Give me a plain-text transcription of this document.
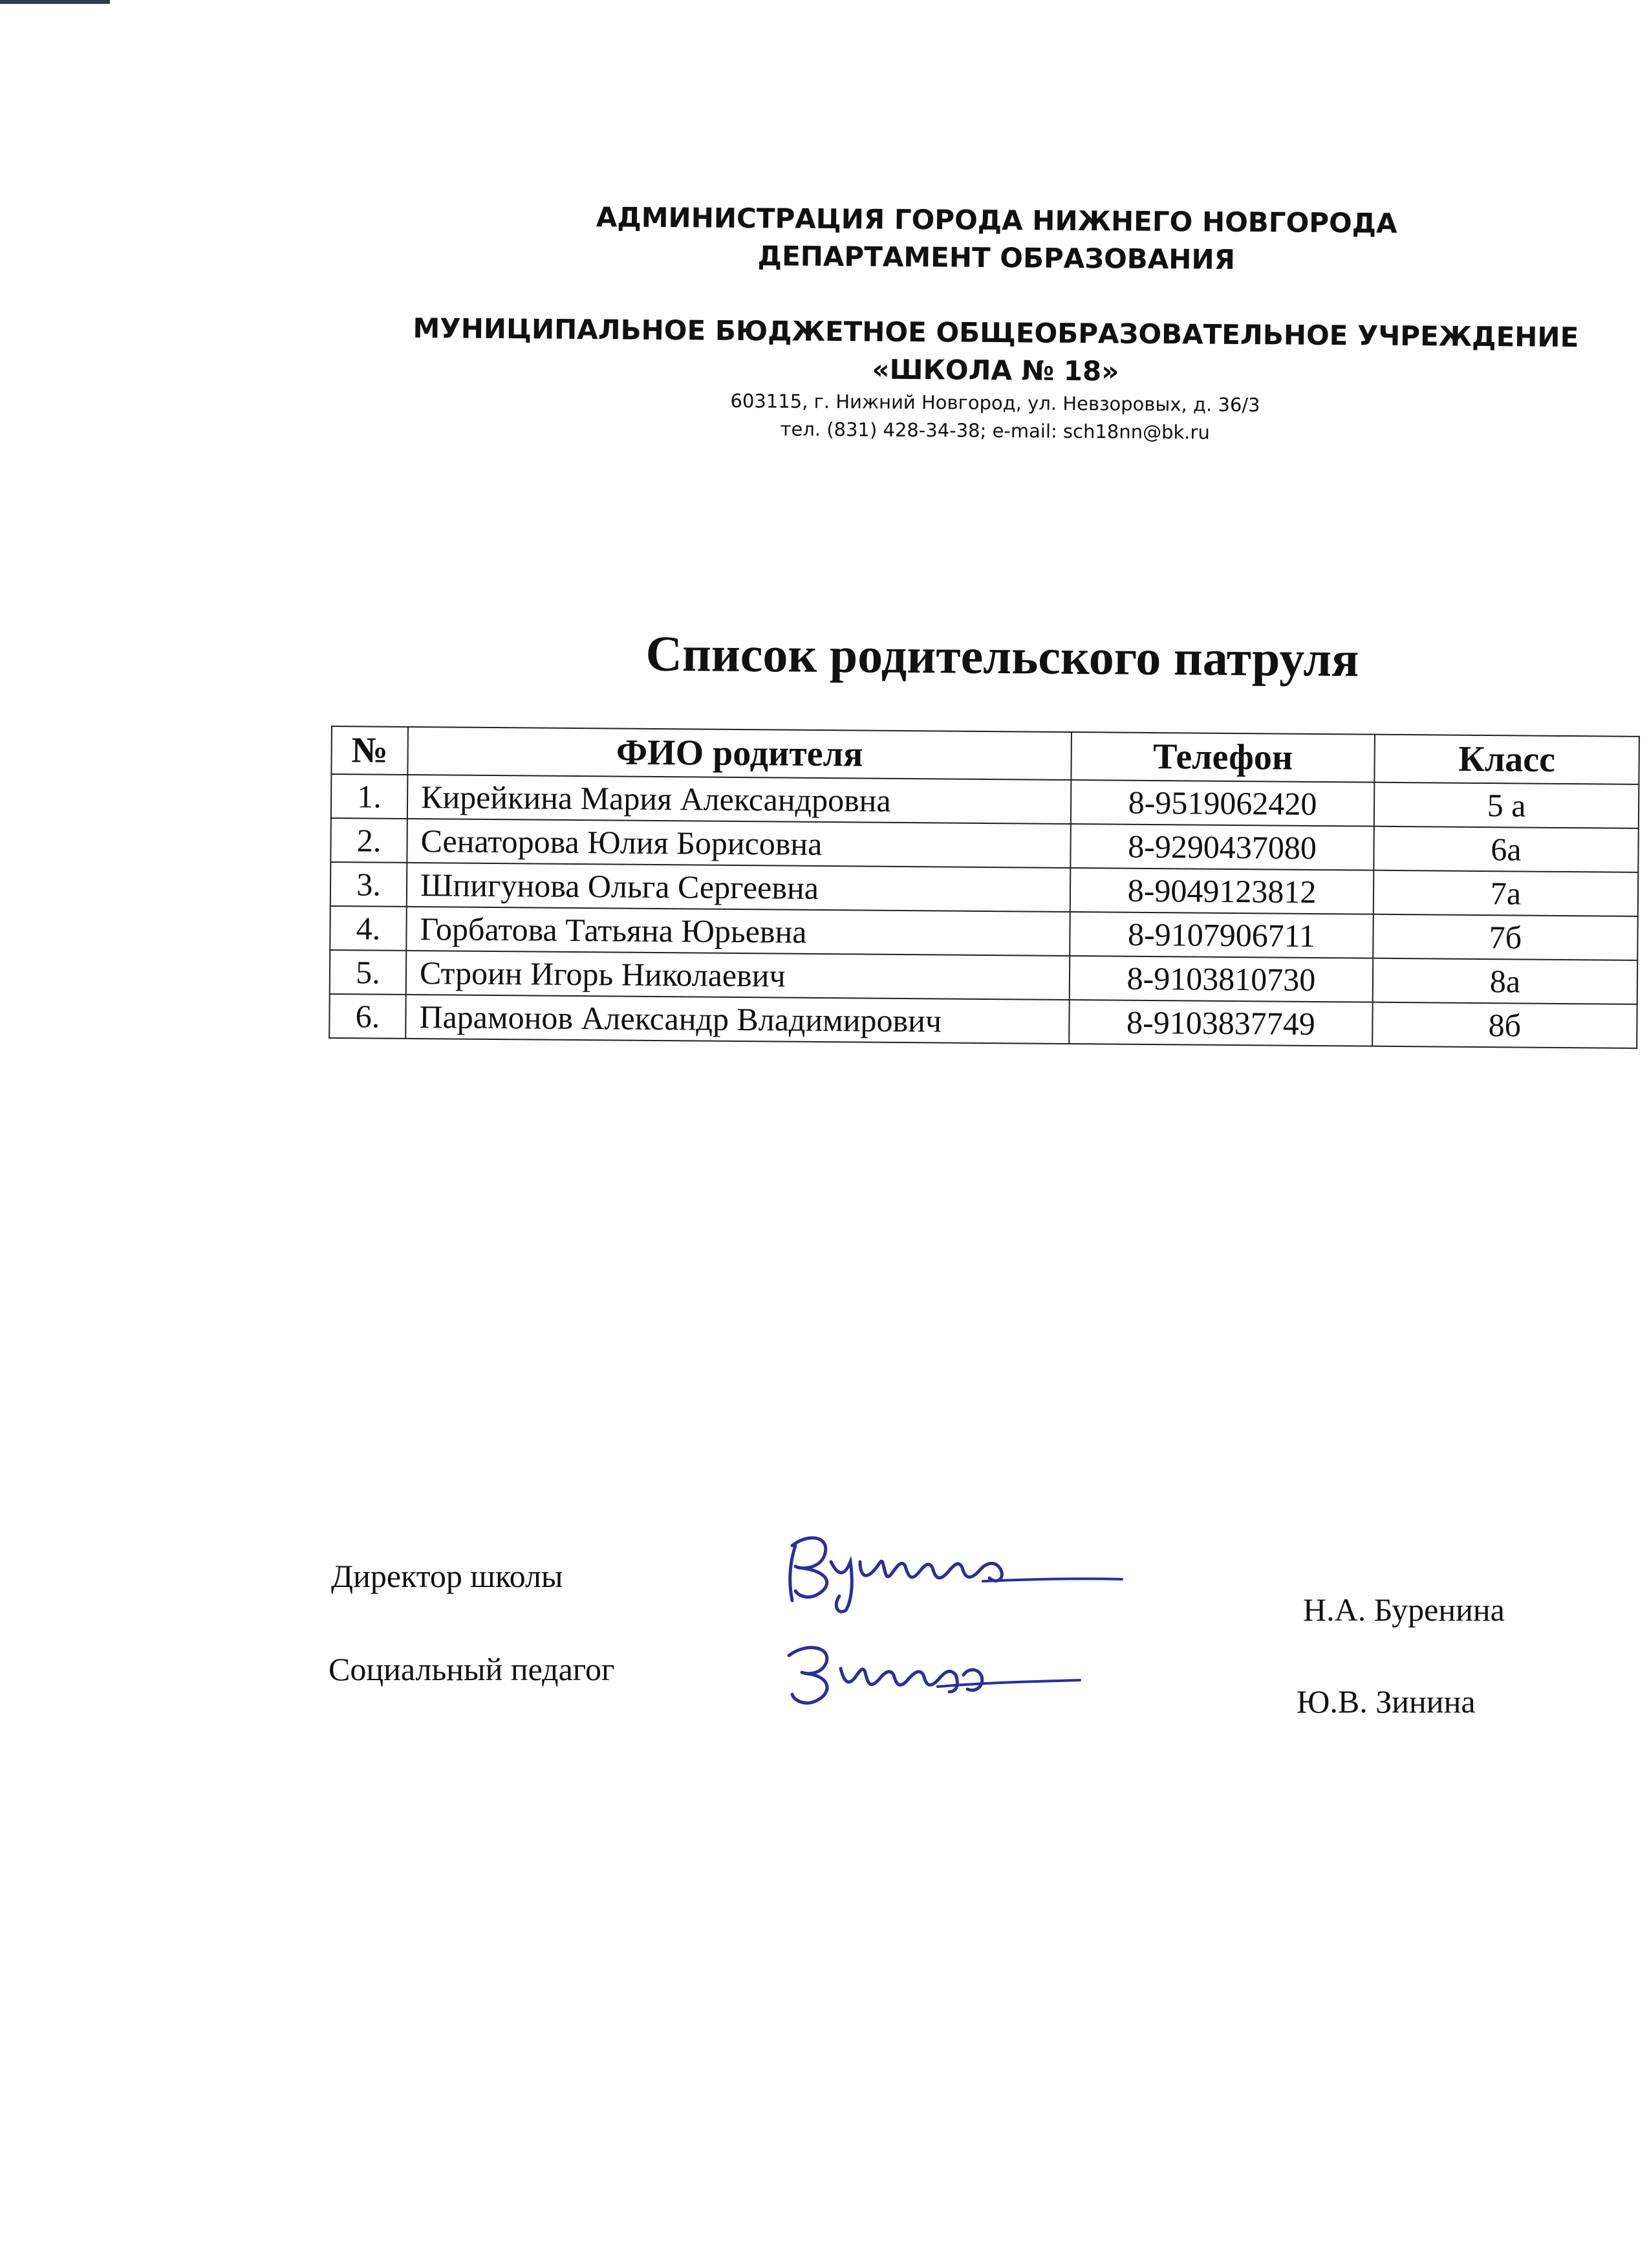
АДМИНИСТРАЦИЯ ГОРОДА НИЖНЕГО НОВГОРОДА

ДЕПАРТАМЕНТ ОБРАЗОВАНИЯ

МУНИЦИПАЛЬНОЕ БЮДЖЕТНОЕ ОБЩЕОБРАЗОВАТЕЛЬНОЕ УЧРЕЖДЕНИЕ

«ШКОЛА № 18»

603115, г. Нижний Новгород, ул. Невзоровых, д. 36/3

тел. (831) 428-34-38; e-mail: sch18nn@bk.ru

Список родительского патруля
№	ФИО родителя	Телефон	Класс
1.	Кирейкина Мария Александровна	8-9519062420	5 а
2.	Сенаторова Юлия Борисовна	8-9290437080	6а
3.	Шпигунова Ольга Сергеевна	8-9049123812	7а
4.	Горбатова Татьяна Юрьевна	8-9107906711	7б
5.	Строин Игорь Николаевич	8-9103810730	8а
6.	Парамонов Александр Владимирович	8-9103837749	8б
Директор школы
Н.А. Буренина
Социальный педагог
Ю.В. Зинина
